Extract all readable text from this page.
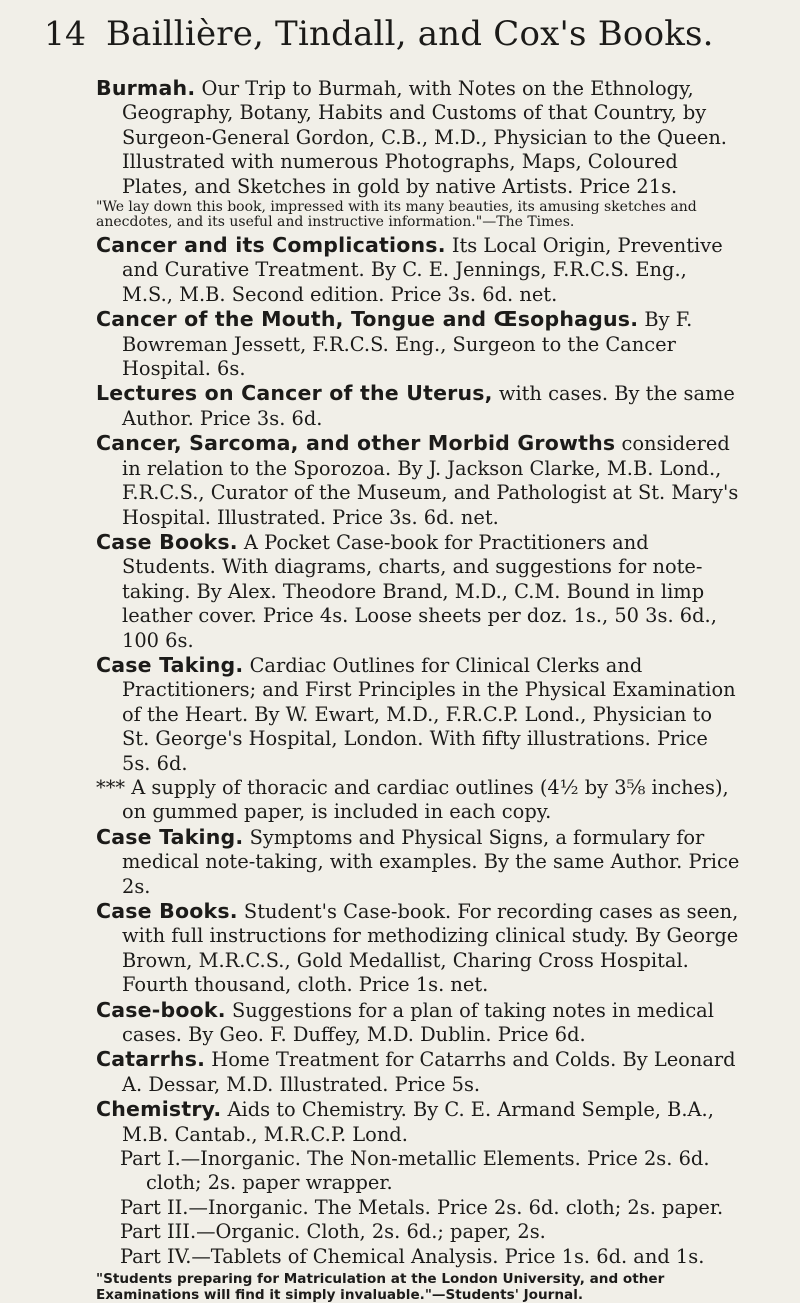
14 Baillière, Tindall, and Cox's Books.

Burmah. Our Trip to Burmah, with Notes on the Ethnology, Geography, Botany, Habits and Customs of that Country, by Surgeon-General Gordon, C.B., M.D., Physician to the Queen. Illustrated with numerous Photographs, Maps, Coloured Plates, and Sketches in gold by native Artists. Price 21s.

"We lay down this book, impressed with its many beauties, its amusing sketches and anecdotes, and its useful and instructive information."—The Times.

Cancer and its Complications. Its Local Origin, Preventive and Curative Treatment. By C. E. Jennings, F.R.C.S. Eng., M.S., M.B. Second edition. Price 3s. 6d. net.

Cancer of the Mouth, Tongue and Œsophagus. By F. Bowreman Jessett, F.R.C.S. Eng., Surgeon to the Cancer Hospital. 6s.

Lectures on Cancer of the Uterus, with cases. By the same Author. Price 3s. 6d.

Cancer, Sarcoma, and other Morbid Growths considered in relation to the Sporozoa. By J. Jackson Clarke, M.B. Lond., F.R.C.S., Curator of the Museum, and Pathologist at St. Mary's Hospital. Illustrated. Price 3s. 6d. net.

Case Books. A Pocket Case-book for Practitioners and Students. With diagrams, charts, and suggestions for note-taking. By Alex. Theodore Brand, M.D., C.M. Bound in limp leather cover. Price 4s. Loose sheets per doz. 1s., 50 3s. 6d., 100 6s.

Case Taking. Cardiac Outlines for Clinical Clerks and Practitioners; and First Principles in the Physical Examination of the Heart. By W. Ewart, M.D., F.R.C.P. Lond., Physician to St. George's Hospital, London. With fifty illustrations. Price 5s. 6d.

*** A supply of thoracic and cardiac outlines (4½ by 3⅝ inches), on gummed paper, is included in each copy.

Case Taking. Symptoms and Physical Signs, a formulary for medical note-taking, with examples. By the same Author. Price 2s.

Case Books. Student's Case-book. For recording cases as seen, with full instructions for methodizing clinical study. By George Brown, M.R.C.S., Gold Medallist, Charing Cross Hospital. Fourth thousand, cloth. Price 1s. net.

Case-book. Suggestions for a plan of taking notes in medical cases. By Geo. F. Duffey, M.D. Dublin. Price 6d.

Catarrhs. Home Treatment for Catarrhs and Colds. By Leonard A. Dessar, M.D. Illustrated. Price 5s.

Chemistry. Aids to Chemistry. By C. E. Armand Semple, B.A., M.B. Cantab., M.R.C.P. Lond.

Part I.—Inorganic. The Non-metallic Elements. Price 2s. 6d. cloth; 2s. paper wrapper.

Part II.—Inorganic. The Metals. Price 2s. 6d. cloth; 2s. paper.

Part III.—Organic. Cloth, 2s. 6d.; paper, 2s.

Part IV.—Tablets of Chemical Analysis. Price 1s. 6d. and 1s.

"Students preparing for Matriculation at the London University, and other Examinations will find it simply invaluable."—Students' Journal.
